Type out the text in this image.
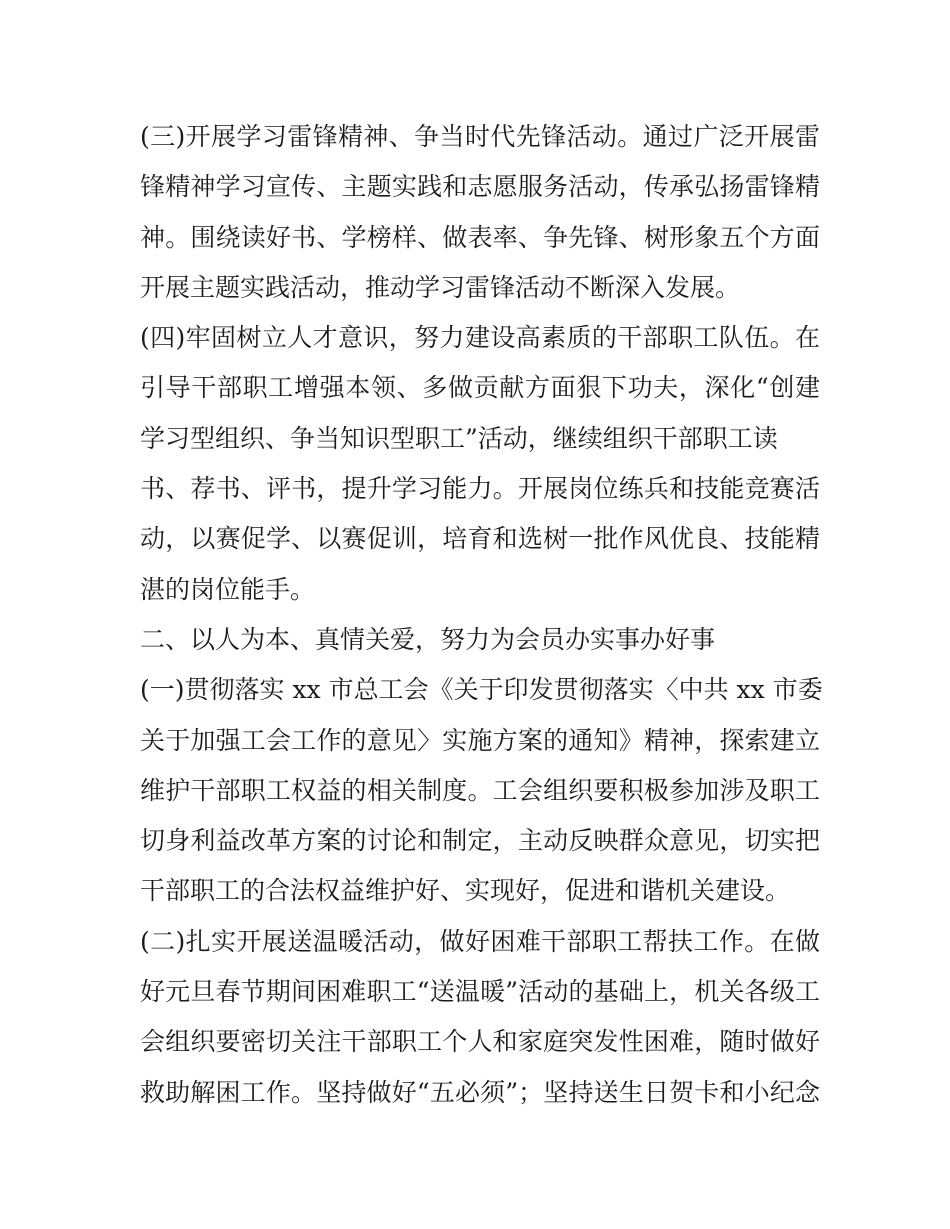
(三)开展学习雷锋精神、争当时代先锋活动。通过广泛开展雷
锋精神学习宣传、主题实践和志愿服务活动，传承弘扬雷锋精
神。围绕读好书、学榜样、做表率、争先锋、树形象五个方面
开展主题实践活动，推动学习雷锋活动不断深入发展。
(四)牢固树立人才意识，努力建设高素质的干部职工队伍。在
引导干部职工增强本领、多做贡献方面狠下功夫，深化“创建
学习型组织、争当知识型职工”活动，继续组织干部职工读
书、荐书、评书，提升学习能力。开展岗位练兵和技能竞赛活
动，以赛促学、以赛促训，培育和选树一批作风优良、技能精
湛的岗位能手。
二、以人为本、真情关爱，努力为会员办实事办好事
(一)贯彻落实 xx 市总工会《关于印发贯彻落实〈中共 xx 市委
关于加强工会工作的意见〉实施方案的通知》精神，探索建立
维护干部职工权益的相关制度。工会组织要积极参加涉及职工
切身利益改革方案的讨论和制定，主动反映群众意见，切实把
干部职工的合法权益维护好、实现好，促进和谐机关建设。
(二)扎实开展送温暖活动，做好困难干部职工帮扶工作。在做
好元旦春节期间困难职工“送温暖”活动的基础上，机关各级工
会组织要密切关注干部职工个人和家庭突发性困难，随时做好
救助解困工作。坚持做好“五必须”；坚持送生日贺卡和小纪念
